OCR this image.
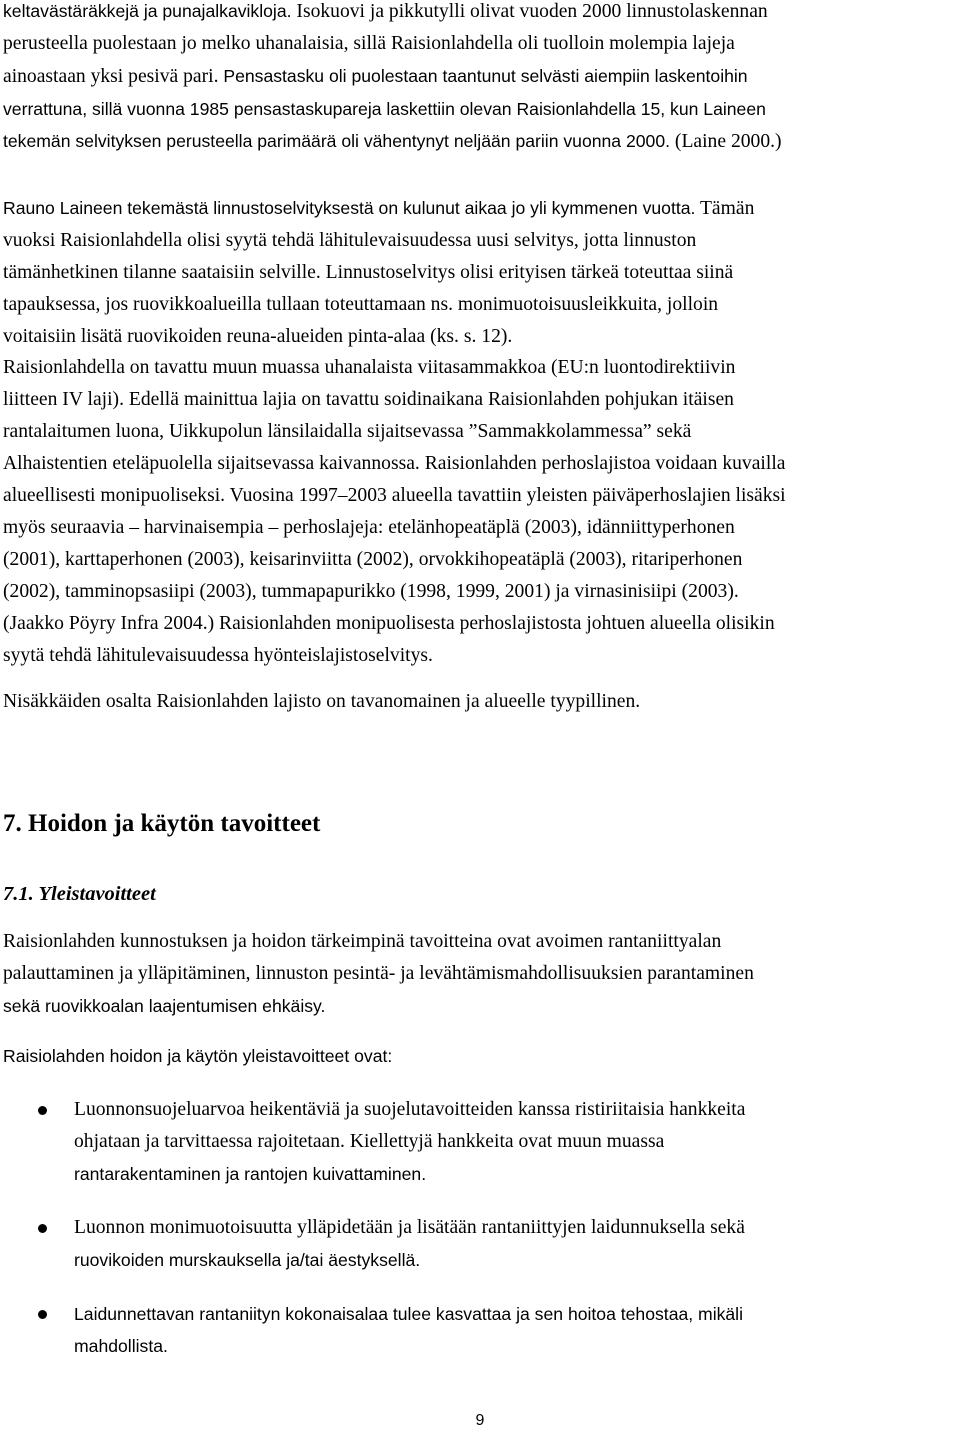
keltavästäräkkejä ja punajalkavikloja. Isokuovi ja pikkutylli olivat vuoden 2000 linnustolaskennan

perusteella puolestaan jo melko uhanalaisia, sillä Raisionlahdella oli tuolloin molempia lajeja

ainoastaan yksi pesivä pari. Pensastasku oli puolestaan taantunut selvästi aiempiin laskentoihin

verrattuna, sillä vuonna 1985 pensastaskupareja laskettiin olevan Raisionlahdella 15, kun Laineen

tekemän selvityksen perusteella parimäärä oli vähentynyt neljään pariin vuonna 2000. (Laine 2000.)

Rauno Laineen tekemästä linnustoselvityksestä on kulunut aikaa jo yli kymmenen vuotta. Tämän

vuoksi Raisionlahdella olisi syytä tehdä lähitulevaisuudessa uusi selvitys, jotta linnuston

tämänhetkinen tilanne saataisiin selville. Linnustoselvitys olisi erityisen tärkeä toteuttaa siinä

tapauksessa, jos ruovikkoalueilla tullaan toteuttamaan ns. monimuotoisuusleikkuita, jolloin

voitaisiin lisätä ruovikoiden reuna-alueiden pinta-alaa (ks. s. 12).

Raisionlahdella on tavattu muun muassa uhanalaista viitasammakkoa (EU:n luontodirektiivin

liitteen IV laji). Edellä mainittua lajia on tavattu soidinaikana Raisionlahden pohjukan itäisen

rantalaitumen luona, Uikkupolun länsilaidalla sijaitsevassa ”Sammakkolammessa” sekä

Alhaistentien eteläpuolella sijaitsevassa kaivannossa. Raisionlahden perhoslajistoa voidaan kuvailla

alueellisesti monipuoliseksi. Vuosina 1997–2003 alueella tavattiin yleisten päiväperhoslajien lisäksi

myös seuraavia – harvinaisempia – perhoslajeja: etelänhopeatäplä (2003), idänniittyperhonen

(2001), karttaperhonen (2003), keisarinviitta (2002), orvokkihopeatäplä (2003), ritariperhonen

(2002), tamminopsasiipi (2003), tummapapurikko (1998, 1999, 2001) ja virnasinisiipi (2003).

(Jaakko Pöyry Infra 2004.) Raisionlahden monipuolisesta perhoslajistosta johtuen alueella olisikin

syytä tehdä lähitulevaisuudessa hyönteislajistoselvitys.

Nisäkkäiden osalta Raisionlahden lajisto on tavanomainen ja alueelle tyypillinen.

7. Hoidon ja käytön tavoitteet
7.1. Yleistavoitteet

Raisionlahden kunnostuksen ja hoidon tärkeimpinä tavoitteina ovat avoimen rantaniittyalan

palauttaminen ja ylläpitäminen, linnuston pesintä- ja levähtämismahdollisuuksien parantaminen

sekä ruovikkoalan laajentumisen ehkäisy.

Raisiolahden hoidon ja käytön yleistavoitteet ovat:

Luonnonsuojeluarvoa heikentäviä ja suojelutavoitteiden kanssa ristiriitaisia hankkeita

ohjataan ja tarvittaessa rajoitetaan. Kiellettyjä hankkeita ovat muun muassa

rantarakentaminen ja rantojen kuivattaminen.

Luonnon monimuotoisuutta ylläpidetään ja lisätään rantaniittyjen laidunnuksella sekä

ruovikoiden murskauksella ja/tai äestyksellä.

Laidunnettavan rantaniityn kokonaisalaa tulee kasvattaa ja sen hoitoa tehostaa, mikäli

mahdollista.

9
